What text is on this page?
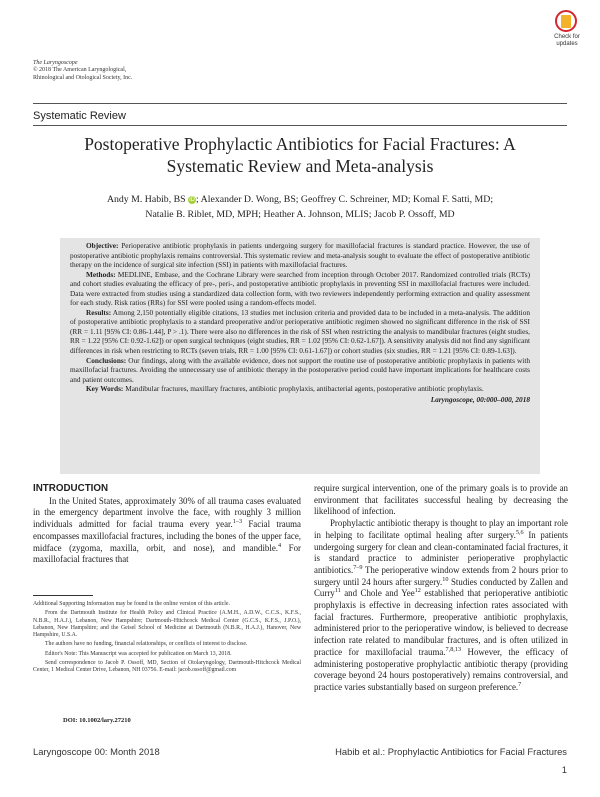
The Laryngoscope
© 2018 The American Laryngological,
Rhinological and Otological Society, Inc.
Check for
updates
Systematic Review
Postoperative Prophylactic Antibiotics for Facial Fractures: A
Systematic Review and Meta-analysis
Andy M. Habib, BS iD; Alexander D. Wong, BS; Geoffrey C. Schreiner, MD; Komal F. Satti, MD;
Natalie B. Riblet, MD, MPH; Heather A. Johnson, MLIS; Jacob P. Ossoff, MD

Objective: Perioperative antibiotic prophylaxis in patients undergoing surgery for maxillofacial fractures is standard practice. However, the use of postoperative antibiotic prophylaxis remains controversial. This systematic review and meta-analysis sought to evaluate the effect of postoperative antibiotic therapy on the incidence of surgical site infection (SSI) in patients with maxillofacial fractures.

Methods: MEDLINE, Embase, and the Cochrane Library were searched from inception through October 2017. Randomized controlled trials (RCTs) and cohort studies evaluating the efficacy of pre-, peri-, and postoperative antibiotic prophylaxis in preventing SSI in maxillofacial fractures were included. Data were extracted from studies using a standardized data collection form, with two reviewers independently performing extraction and quality assessment for each study. Risk ratios (RRs) for SSI were pooled using a random-effects model.

Results: Among 2,150 potentially eligible citations, 13 studies met inclusion criteria and provided data to be included in a meta-analysis. The addition of postoperative antibiotic prophylaxis to a standard preoperative and/or perioperative antibiotic regimen showed no significant difference in the risk of SSI (RR = 1.11 [95% CI: 0.86-1.44], P > .1). There were also no differences in the risk of SSI when restricting the analysis to mandibular fractures (eight studies, RR = 1.22 [95% CI: 0.92-1.62]) or open surgical techniques (eight studies, RR = 1.02 [95% CI: 0.62-1.67]). A sensitivity analysis did not find any significant differences in risk when restricting to RCTs (seven trials, RR = 1.00 [95% CI: 0.61-1.67]) or cohort studies (six studies, RR = 1.21 [95% CI: 0.89-1.63]).

Conclusions: Our findings, along with the available evidence, does not support the routine use of postoperative antibiotic prophylaxis in patients with maxillofacial fractures. Avoiding the unnecessary use of antibiotic therapy in the postoperative period could have important implications for healthcare costs and patient outcomes.

Key Words: Mandibular fractures, maxillary fractures, antibiotic prophylaxis, antibacterial agents, postoperative antibiotic prophylaxis.

Laryngoscope, 00:000–000, 2018
INTRODUCTION

In the United States, approximately 30% of all trauma cases evaluated in the emergency department involve the face, with roughly 3 million individuals admitted for facial trauma every year.$^{1-3}$ Facial trauma encompasses maxillofacial fractures, including the bones of the upper face, midface (zygoma, maxilla, orbit, and nose), and mandible.$^4$ For maxillofacial fractures that

Additional Supporting Information may be found in the online version of this article.

From the Dartmouth Institute for Health Policy and Clinical Practice (A.M.H., A.D.W., C.C.S., K.F.S., N.B.R., H.A.J.), Lebanon, New Hampshire; Dartmouth–Hitchcock Medical Center (G.C.S., K.F.S., J.P.O.), Lebanon, New Hampshire; and the Geisel School of Medicine at Dartmouth (N.B.R., H.A.J.), Hanover, New Hampshire, U.S.A.

The authors have no funding, financial relationships, or conflicts of interest to disclose.

Editor's Note: This Manuscript was accepted for publication on March 13, 2018.

Send correspondence to Jacob P. Ossoff, MD, Section of Otolaryngology, Dartmouth-Hitchcock Medical Center, 1 Medical Center Drive, Lebanon, NH 03756. E-mail: jacob.ossoff@gmail.com

DOI: 10.1002/lary.27210

require surgical intervention, one of the primary goals is to provide an environment that facilitates successful healing by decreasing the likelihood of infection.

Prophylactic antibiotic therapy is thought to play an important role in helping to facilitate optimal healing after surgery.$^{5,6}$ In patients undergoing surgery for clean and clean-contaminated facial fractures, it is standard practice to administer perioperative prophylactic antibiotics.$^{7-9}$ The perioperative window extends from 2 hours prior to surgery until 24 hours after surgery.$^{10}$ Studies conducted by Zallen and Curry$^{11}$ and Chole and Yee$^{12}$ established that perioperative antibiotic prophylaxis is effective in decreasing infection rates associated with facial fractures. Furthermore, preoperative antibiotic prophylaxis, administered prior to the perioperative window, is believed to decrease infection rate related to mandibular fractures, and is often utilized in practice for maxillofacial trauma.$^{7,8,13}$ However, the efficacy of administering postoperative prophylactic antibiotic therapy (providing coverage beyond 24 hours postoperatively) remains controversial, and practice varies substantially based on surgeon preference.$^7$

Laryngoscope 00: Month 2018	Habib et al.: Prophylactic Antibiotics for Facial Fractures
1
